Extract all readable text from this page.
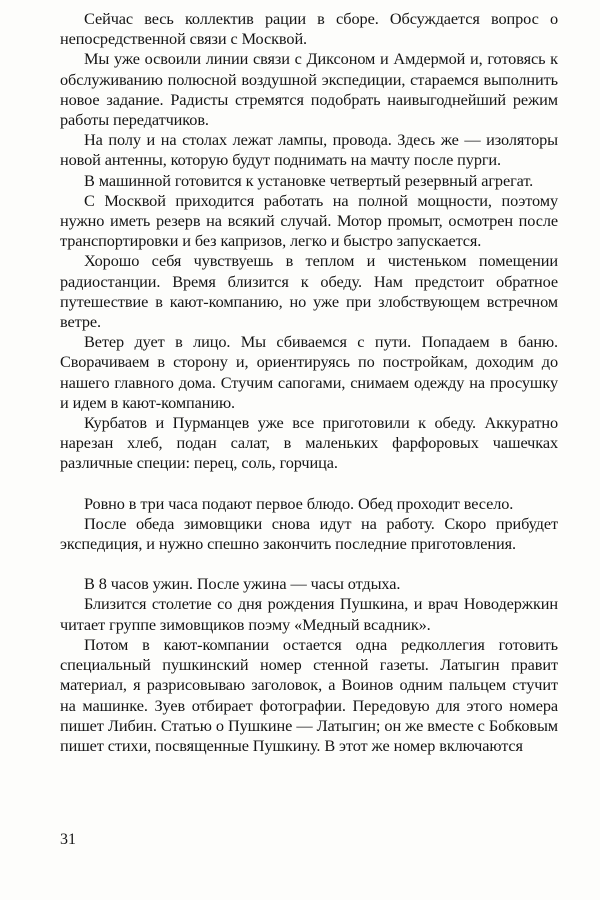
Сейчас весь коллектив рации в сборе. Обсуждается вопрос о непосредственной связи с Москвой.

Мы уже освоили линии связи с Диксоном и Амдермой и, готовясь к обслуживанию полюсной воздушной экспедиции, стараемся выполнить новое задание. Радисты стремятся подобрать наивыгоднейший режим работы передатчиков.

На полу и на столах лежат лампы, провода. Здесь же — изоляторы новой антенны, которую будут поднимать на мачту после пурги.

В машинной готовится к установке четвертый резервный агрегат.

С Москвой приходится работать на полной мощности, поэтому нужно иметь резерв на всякий случай. Мотор промыт, осмотрен после транспортировки и без капризов, легко и быстро запускается.

Хорошо себя чувствуешь в теплом и чистеньком помещении радиостанции. Время близится к обеду. Нам предстоит обратное путешествие в кают-компанию, но уже при злобствующем встречном ветре.

Ветер дует в лицо. Мы сбиваемся с пути. Попадаем в баню. Сворачиваем в сторону и, ориентируясь по постройкам, доходим до нашего главного дома. Стучим сапогами, снимаем одежду на просушку и идем в кают-компанию.

Курбатов и Пурманцев уже все приготовили к обеду. Аккуратно нарезан хлеб, подан салат, в маленьких фарфоровых чашечках различные специи: перец, соль, горчица.

Ровно в три часа подают первое блюдо. Обед проходит весело.

После обеда зимовщики снова идут на работу. Скоро прибудет экспедиция, и нужно спешно закончить последние приготовления.

В 8 часов ужин. После ужина — часы отдыха.

Близится столетие со дня рождения Пушкина, и врач Новодержкин читает группе зимовщиков поэму «Медный всадник».

Потом в кают-компании остается одна редколлегия готовить специальный пушкинский номер стенной газеты. Латыгин правит материал, я разрисовываю заголовок, а Воинов одним пальцем стучит на машинке. Зуев отбирает фотографии. Передовую для этого номера пишет Либин. Статью о Пушкине — Латыгин; он же вместе с Бобковым пишет стихи, посвященные Пушкину. В этот же номер включаются

31
